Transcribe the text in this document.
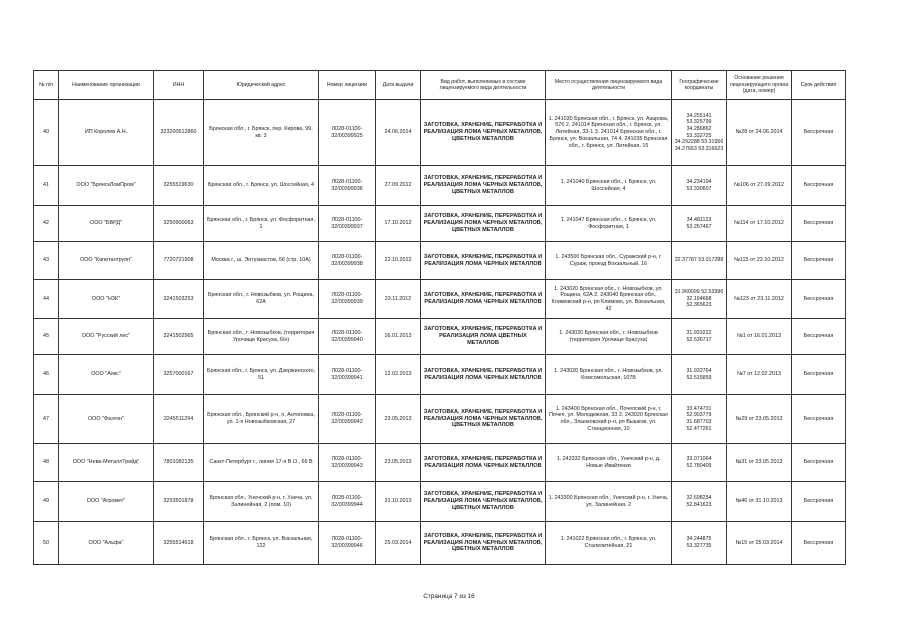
№ п/п	Наименование организации	ИНН	Юридический адрес	Номер лицензии	Дата выдачи	Вид работ, выполняемых в составе лицензируемого вида деятельности	Место осуществления лицензируемого вида деятельности	Географические координаты	Основание решения лицензирующего органа (дата, номер)	Срок действия
40	ИП Королев А.Н.	323200512860	Брянская обл., г. Брянск, пер. Кирова, 99, кв. 3	Л028-01100-32/00399925	24.06.2014	ЗАГОТОВКА, ХРАНЕНИЕ, ПЕРЕРАБОТКА И РЕАЛИЗАЦИЯ ЛОМА ЧЕРНЫХ МЕТАЛЛОВ, ЦВЕТНЫХ МЕТАЛЛОВ	1. 241030 Брянская обл., г. Брянск, ул. Азарова, 57б 2. 241014 Брянская обл., г. Брянск, ул. Литейная, 33-1 3. 241014 Брянская обл., г. Брянск, ул. Вокзальная, 74 4. 241035 Брянская обл., г. Брянск, ул. Литейная, 15	34.255141 53.325799 34.286862 53.332725 34.292288 53.31956 34.27663 53.316623	№28 от 24.06.2014	Бессрочная
41	ООО "БрянскЛомПром"	3255519630	Брянская обл., г. Брянск, ул. Шоссейная, 4	Л028-01100-32/00399936	27.09.2012	ЗАГОТОВКА, ХРАНЕНИЕ, ПЕРЕРАБОТКА И РЕАЛИЗАЦИЯ ЛОМА ЧЕРНЫХ МЕТАЛЛОВ, ЦВЕТНЫХ МЕТАЛЛОВ	1. 241040 Брянская обл., г. Брянск, ул. Шоссейная, 4	34.234194 53.330607	№106 от 27.09.2012	Бессрочная
42	ООО "БВРД"	3250900063	Брянская обл., г. Брянск, ул. Фосфоритная, 1	Л028-01100-32/00399937	17.10.2012	ЗАГОТОВКА, ХРАНЕНИЕ, ПЕРЕРАБОТКА И РЕАЛИЗАЦИЯ ЛОМА ЧЕРНЫХ МЕТАЛЛОВ, ЦВЕТНЫХ МЕТАЛЛОВ	1. 241047 Брянская обл., г. Брянск, ул. Фосфоритная, 1	34.481123 53.257467	№114 от 17.10.2012	Бессрочная
43	ООО "Капиталгрупп"	7720721908	Москва г., ш. Энтузиастов, 56 (стр. 10А)	Л028-01100-32/00399938	22.10.2012	ЗАГОТОВКА, ХРАНЕНИЕ, ПЕРЕРАБОТКА И РЕАЛИЗАЦИЯ ЛОМА ЧЕРНЫХ МЕТАЛЛОВ	1. 243500 Брянская обл., Суражский р-н, г. Сураж, проезд Вокзальный, 16	32.37787 53.017288	№115 от 22.10.2012	Бессрочная
44	ООО "НЗК"	3241503253	Брянская обл., г. Новозыбков, ул. Рощина, 62А	Л028-01100-32/00399939	23.11.2012	ЗАГОТОВКА, ХРАНЕНИЕ, ПЕРЕРАБОТКА И РЕАЛИЗАЦИЯ ЛОМА ЧЕРНЫХ МЕТАЛЛОВ	1. 243020 Брянская обл., г. Новозыбков, ул. Рощина, 62А 2. 243040 Брянская обл., Климовский р-н, рп Климово, ул. Вокзальная, 42	31.960099 52.53996 32.194668 52.365623	№123 от 23.11.2012	Бессрочная
45	ООО "Русский лес"	3241502965	Брянская обл., г. Новозыбков, (территория Урочище Красуха, б/н)	Л028-01100-32/00399940	16.01.2013	ЗАГОТОВКА, ХРАНЕНИЕ, ПЕРЕРАБОТКА И РЕАЛИЗАЦИЯ ЛОМА ЦВЕТНЫХ МЕТАЛЛОВ	1. 243020 Брянская обл., г. Новозыбков (территория Урочище Красуха)	31.933222 52.536717	№1 от 16.01.2013	Бессрочная
46	ООО "Аякс"	3257000167	Брянская обл., г. Брянск, ул. Дзержинского, 51	Л028-01100-32/00399941	12.02.2013	ЗАГОТОВКА, ХРАНЕНИЕ, ПЕРЕРАБОТКА И РЕАЛИЗАЦИЯ ЛОМА ЧЕРНЫХ МЕТАЛЛОВ	1. 243020 Брянская обл., г. Новозыбков, ул. Комсомольская, 107Б	31.932764 52.515859	№7 от 12.02.2013	Бессрочная
47	ООО "Фаэтон"	3245511294	Брянская обл., Брянский р-н, п. Антоновка, ул. 1-я Новозыбковская, 27	Л028-01100-32/00399942	23.05.2013	ЗАГОТОВКА, ХРАНЕНИЕ, ПЕРЕРАБОТКА И РЕАЛИЗАЦИЯ ЛОМА ЧЕРНЫХ МЕТАЛЛОВ, ЦВЕТНЫХ МЕТАЛЛОВ	1. 243400 Брянская обл., Почепский р-н, г. Почеп, ул. Молодежная, 33 2. 243020 Брянская обл., Злынковский р-н, рп Вышков, ул. Станционная, 10	33.474731 52.903779 31.687703 52.477261	№29 от 23.05.2013	Бессрочная
48	ООО "Нева-МеталлТрейд"	7801082135	Санкт-Петербург г., линия 17-я В.О., 66 В	Л028-01100-32/00399943	23.05.2013	ЗАГОТОВКА, ХРАНЕНИЕ, ПЕРЕРАБОТКА И РЕАЛИЗАЦИЯ ЛОМА ЧЕРНЫХ МЕТАЛЛОВ	1. 243332 Брянская обл., Унечский р-н, д. Новые Ивайтенки	33.071064 52.780409	№31 от 23.05.2013	Бессрочная
49	ООО "Агромет"	3253501878	Брянская обл., Унечский р-н, г. Унеча, ул. Залинейная, 2 (пом. 10)	Л028-01100-32/00399944	31.10.2013	ЗАГОТОВКА, ХРАНЕНИЕ, ПЕРЕРАБОТКА И РЕАЛИЗАЦИЯ ЛОМА ЧЕРНЫХ МЕТАЛЛОВ, ЦВЕТНЫХ МЕТАЛЛОВ	1. 243300 Брянская обл., Унечский р-н, г. Унеча, ул. Залинейная, 2	32.698254 52.841623	№46 от 31.10.2013	Бессрочная
50	ООО "Альфа"	3255514618	Брянская обл., г. Брянск, ул. Вокзальная, 122	Л028-01100-32/00399946	25.03.2014	ЗАГОТОВКА, ХРАНЕНИЕ, ПЕРЕРАБОТКА И РЕАЛИЗАЦИЯ ЛОМА ЧЕРНЫХ МЕТАЛЛОВ, ЦВЕТНЫХ МЕТАЛЛОВ	1. 241022 Брянская обл., г. Брянск, ул. Сталелитейная, 21	34.244875 53.327735	№15 от 25.03.2014	Бессрочная
Страница 7 из 16
